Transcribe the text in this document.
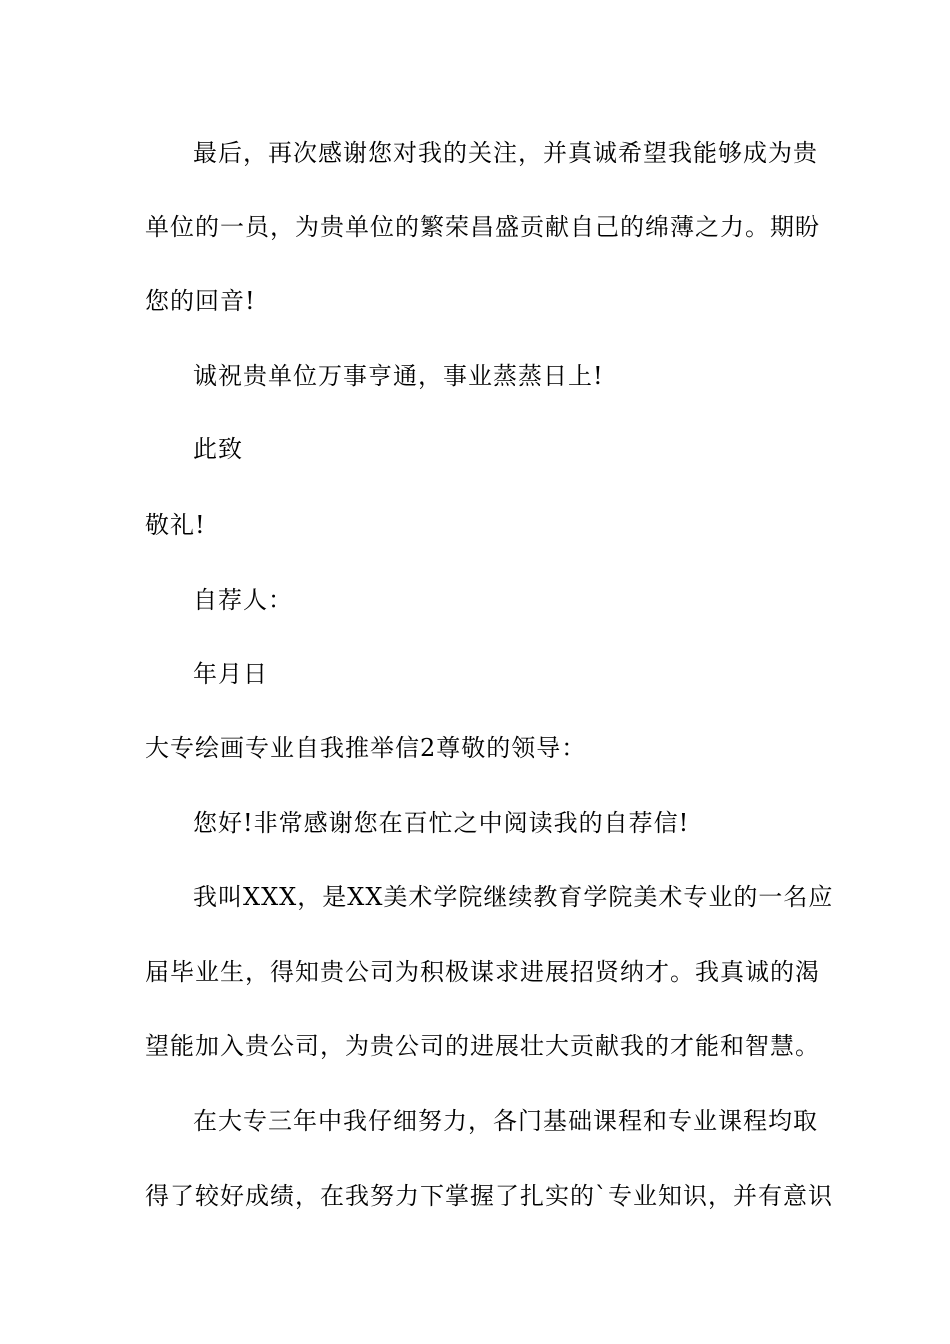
最后，再次感谢您对我的关注，并真诚希望我能够成为贵
单位的一员，为贵单位的繁荣昌盛贡献自己的绵薄之力。期盼
您的回音!
诚祝贵单位万事亨通，事业蒸蒸日上!
此致
敬礼!
自荐人：
年月日
大专绘画专业自我推举信2尊敬的领导：
您好!非常感谢您在百忙之中阅读我的自荐信!
我叫XXX，是XX美术学院继续教育学院美术专业的一名应
届毕业生，得知贵公司为积极谋求进展招贤纳才。我真诚的渴
望能加入贵公司，为贵公司的进展壮大贡献我的才能和智慧。
在大专三年中我仔细努力，各门基础课程和专业课程均取
得了较好成绩，在我努力下掌握了扎实的`专业知识，并有意识
